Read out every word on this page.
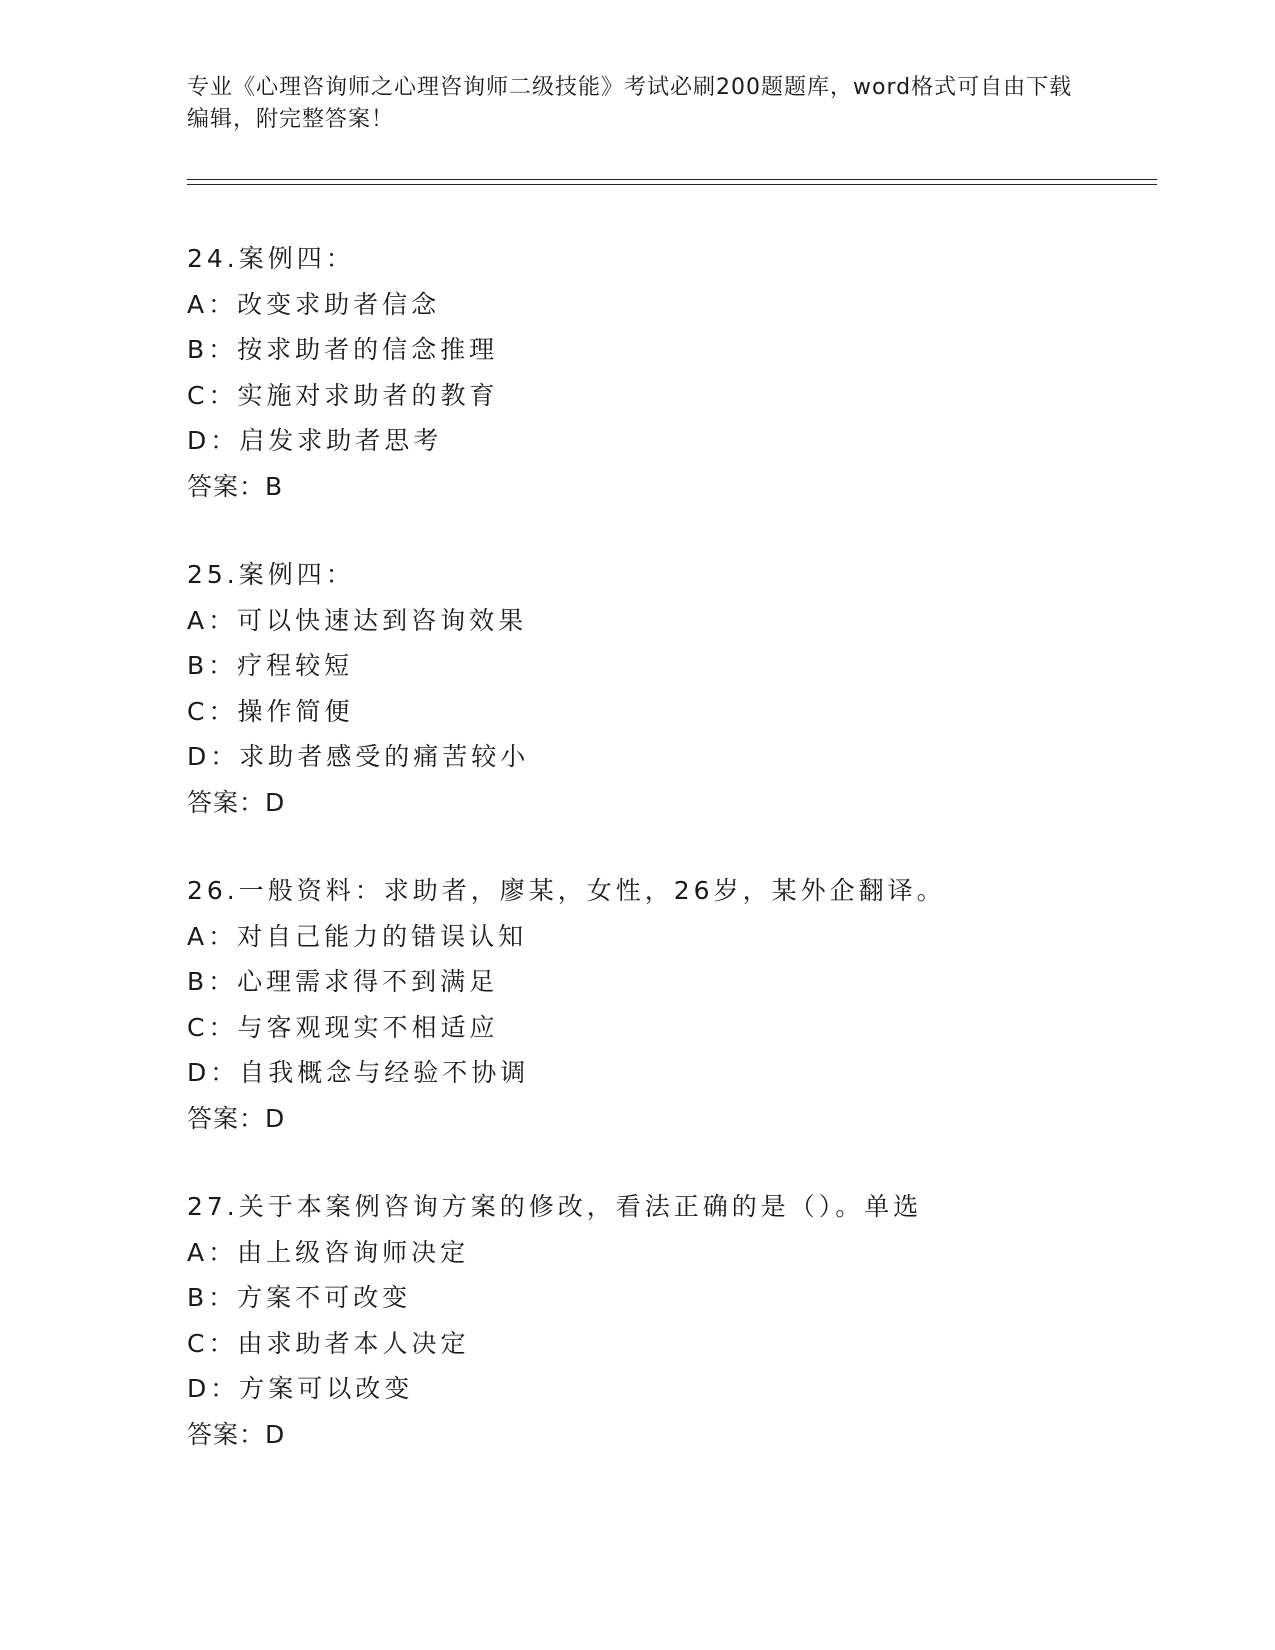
专业《心理咨询师之心理咨询师二级技能》考试必刷200题题库，word格式可自由下载编辑，附完整答案！
24.案例四：
A：改变求助者信念
B：按求助者的信念推理
C：实施对求助者的教育
D：启发求助者思考
答案：B
25.案例四：
A：可以快速达到咨询效果
B：疗程较短
C：操作简便
D：求助者感受的痛苦较小
答案：D
26.一般资料：求助者，廖某，女性，26岁，某外企翻译。
A：对自己能力的错误认知
B：心理需求得不到满足
C：与客观现实不相适应
D：自我概念与经验不协调
答案：D
27.关于本案例咨询方案的修改，看法正确的是（）。单选
A：由上级咨询师决定
B：方案不可改变
C：由求助者本人决定
D：方案可以改变
答案：D
